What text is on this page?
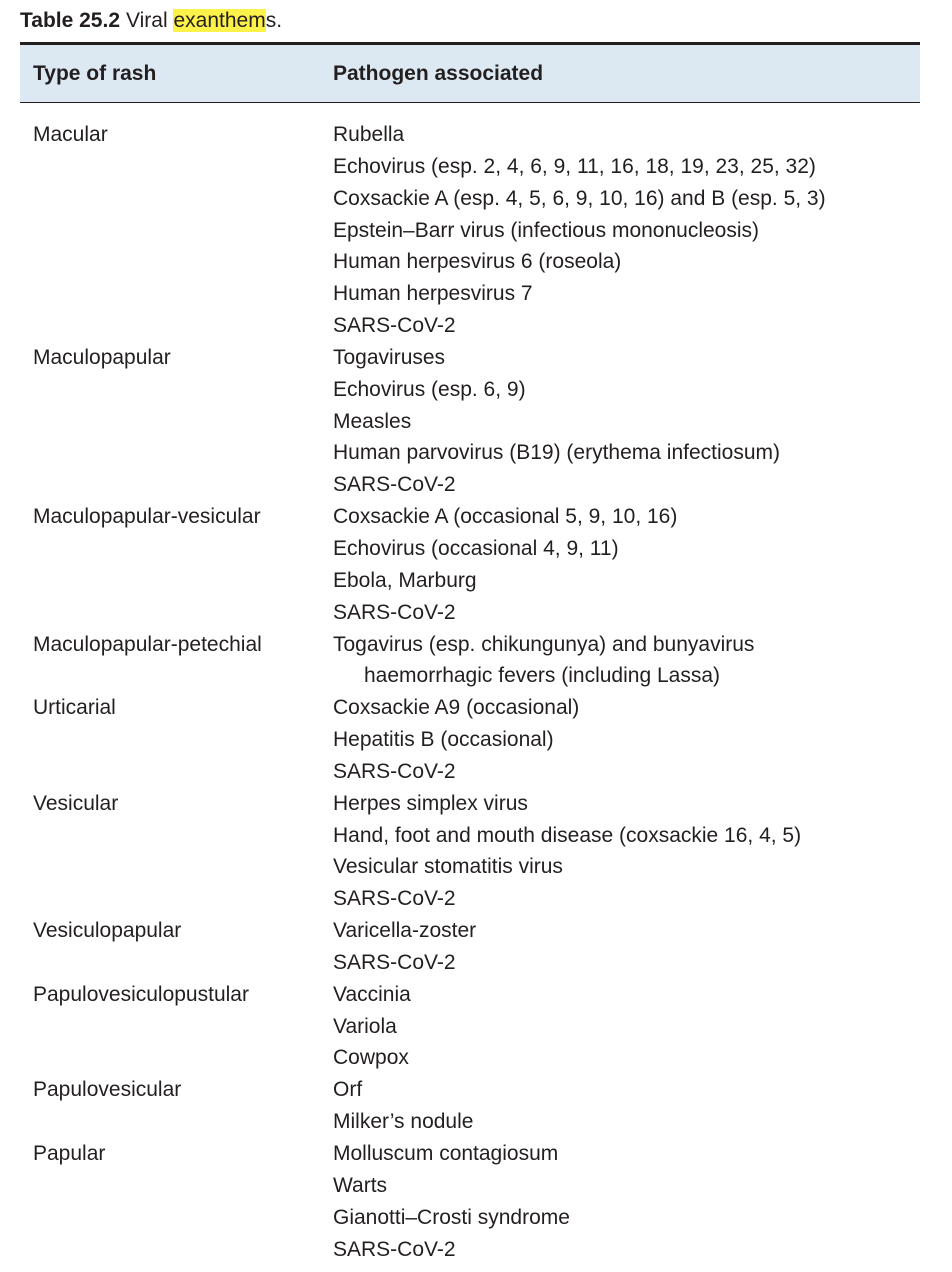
Table 25.2 Viral exanthems.
Type of rash	Pathogen associated
Macular	Rubella
Echovirus (esp. 2, 4, 6, 9, 11, 16, 18, 19, 23, 25, 32)
Coxsackie A (esp. 4, 5, 6, 9, 10, 16) and B (esp. 5, 3)
Epstein–Barr virus (infectious mononucleosis)
Human herpesvirus 6 (roseola)
Human herpesvirus 7
SARS-CoV-2
Maculopapular	Togaviruses
Echovirus (esp. 6, 9)
Measles
Human parvovirus (B19) (erythema infectiosum)
SARS-CoV-2
Maculopapular-vesicular	Coxsackie A (occasional 5, 9, 10, 16)
Echovirus (occasional 4, 9, 11)
Ebola, Marburg
SARS-CoV-2
Maculopapular-petechial	Togavirus (esp. chikungunya) and bunyavirus
haemorrhagic fevers (including Lassa)
Urticarial	Coxsackie A9 (occasional)
Hepatitis B (occasional)
SARS-CoV-2
Vesicular	Herpes simplex virus
Hand, foot and mouth disease (coxsackie 16, 4, 5)
Vesicular stomatitis virus
SARS-CoV-2
Vesiculopapular	Varicella-zoster
SARS-CoV-2
Papulovesiculopustular	Vaccinia
Variola
Cowpox
Papulovesicular	Orf
Milker’s nodule
Papular	Molluscum contagiosum
Warts
Gianotti–Crosti syndrome
SARS-CoV-2
